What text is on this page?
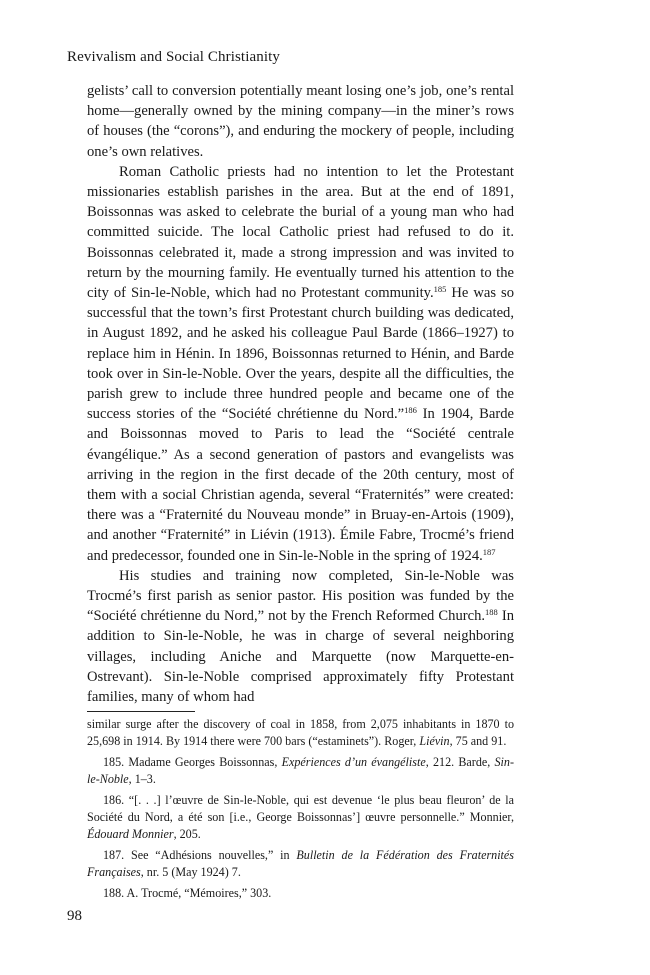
Revivalism and Social Christianity

gelists’ call to conversion potentially meant losing one’s job, one’s rental home—generally owned by the mining company—in the miner’s rows of houses (the “corons”), and enduring the mockery of people, including one’s own relatives.

Roman Catholic priests had no intention to let the Protestant missionaries establish parishes in the area. But at the end of 1891, Boissonnas was asked to celebrate the burial of a young man who had committed suicide. The local Catholic priest had refused to do it. Boissonnas celebrated it, made a strong impression and was invited to return by the mourning family. He eventually turned his attention to the city of Sin-le-Noble, which had no Protestant community.$^{185}$ He was so successful that the town’s first Protestant church building was dedicated, in August 1892, and he asked his colleague Paul Barde (1866–1927) to replace him in Hénin. In 1896, Boissonnas returned to Hénin, and Barde took over in Sin-le-Noble. Over the years, despite all the difficulties, the parish grew to include three hundred people and became one of the success stories of the “Société chrétienne du Nord.”$^{186}$ In 1904, Barde and Boissonnas moved to Paris to lead the “Société centrale évangélique.” As a second generation of pastors and evangelists was arriving in the region in the first decade of the 20th century, most of them with a social Christian agenda, several “Fraternités” were created: there was a “Fraternité du Nouveau monde” in Bruay-en-Artois (1909), and another “Fraternité” in Liévin (1913). Émile Fabre, Trocmé’s friend and predecessor, founded one in Sin-le-Noble in the spring of 1924.$^{187}$

His studies and training now completed, Sin-le-Noble was Trocmé’s first parish as senior pastor. His position was funded by the “Société chrétienne du Nord,” not by the French Reformed Church.$^{188}$ In addition to Sin-le-Noble, he was in charge of several neighboring villages, including Aniche and Marquette (now Marquette-en-Ostrevant). Sin-le-Noble comprised approximately fifty Protestant families, many of whom had

similar surge after the discovery of coal in 1858, from 2,075 inhabitants in 1870 to 25,698 in 1914. By 1914 there were 700 bars (“estaminets”). Roger, Liévin, 75 and 91.

185. Madame Georges Boissonnas, Expériences d’un évangéliste, 212. Barde, Sin-le-Noble, 1–3.

186. “[. . .] l’œuvre de Sin-le-Noble, qui est devenue ‘le plus beau fleuron’ de la Société du Nord, a été son [i.e., George Boissonnas’] œuvre personnelle.” Monnier, Édouard Monnier, 205.

187. See “Adhésions nouvelles,” in Bulletin de la Fédération des Fraternités Françaises, nr. 5 (May 1924) 7.

188. A. Trocmé, “Mémoires,” 303.

98
